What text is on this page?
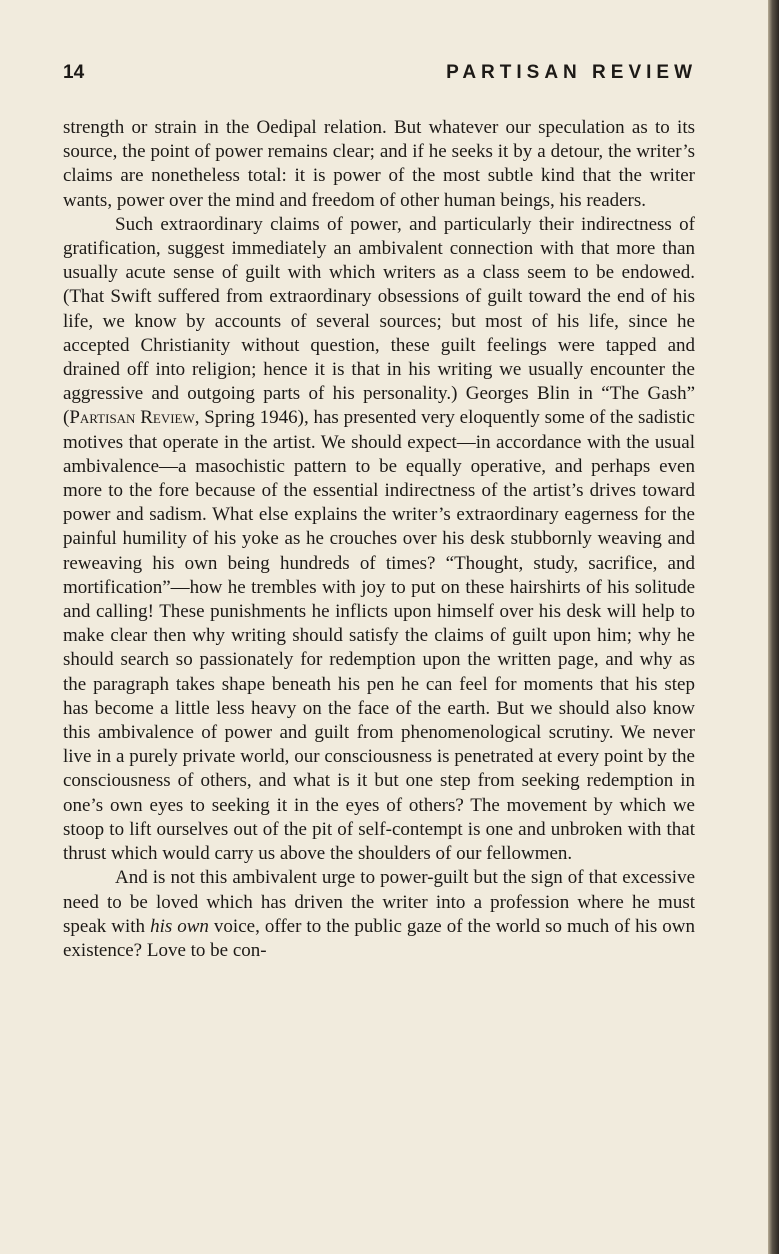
14	PARTISAN REVIEW

strength or strain in the Oedipal relation. But whatever our speculation as to its source, the point of power remains clear; and if he seeks it by a detour, the writer’s claims are nonetheless total: it is power of the most subtle kind that the writer wants, power over the mind and freedom of other human beings, his readers.

Such extraordinary claims of power, and particularly their indirectness of gratification, suggest immediately an ambivalent connection with that more than usually acute sense of guilt with which writers as a class seem to be endowed. (That Swift suffered from extraordinary obsessions of guilt toward the end of his life, we know by accounts of several sources; but most of his life, since he accepted Christianity without question, these guilt feelings were tapped and drained off into religion; hence it is that in his writing we usually encounter the aggressive and outgoing parts of his personality.) Georges Blin in “The Gash” (Partisan Review, Spring 1946), has presented very eloquently some of the sadistic motives that operate in the artist. We should expect—in accordance with the usual ambivalence—a masochistic pattern to be equally operative, and perhaps even more to the fore because of the essential indirectness of the artist’s drives toward power and sadism. What else explains the writer’s extraordinary eagerness for the painful humility of his yoke as he crouches over his desk stubbornly weaving and reweaving his own being hundreds of times? “Thought, study, sacrifice, and mortification”—how he trembles with joy to put on these hairshirts of his solitude and calling! These punishments he inflicts upon himself over his desk will help to make clear then why writing should satisfy the claims of guilt upon him; why he should search so passionately for redemption upon the written page, and why as the paragraph takes shape beneath his pen he can feel for moments that his step has become a little less heavy on the face of the earth. But we should also know this ambivalence of power and guilt from phenomenological scrutiny. We never live in a purely private world, our consciousness is penetrated at every point by the consciousness of others, and what is it but one step from seeking redemption in one’s own eyes to seeking it in the eyes of others? The movement by which we stoop to lift ourselves out of the pit of self-contempt is one and unbroken with that thrust which would carry us above the shoulders of our fellowmen.

And is not this ambivalent urge to power-guilt but the sign of that excessive need to be loved which has driven the writer into a profession where he must speak with his own voice, offer to the public gaze of the world so much of his own existence? Love to be con-
